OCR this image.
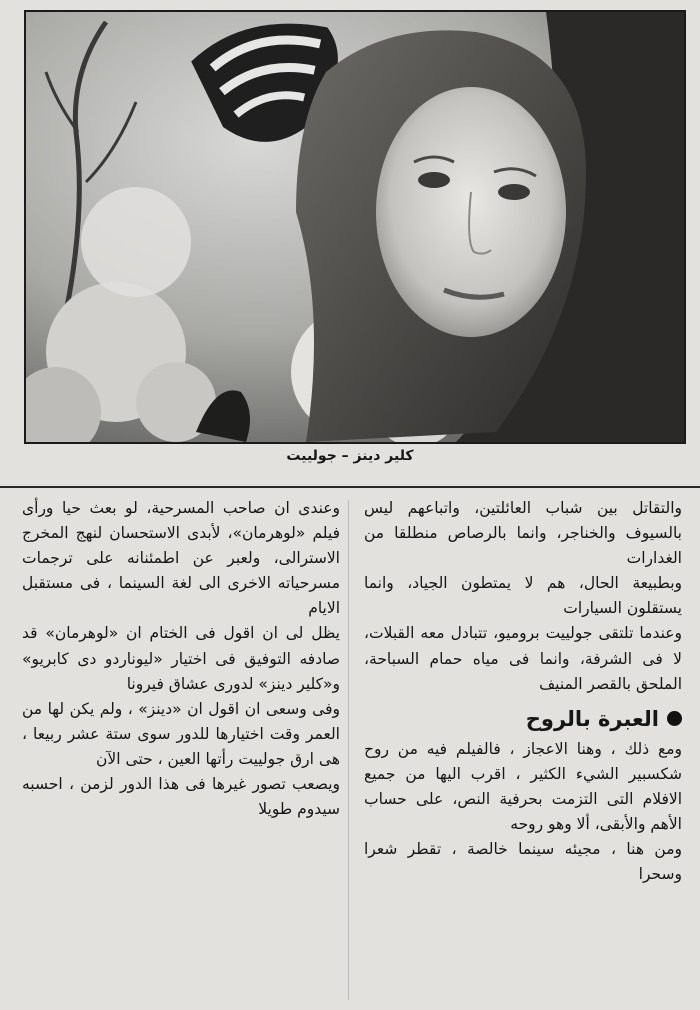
كلير دينز – جولييت

والتقاتل بين شباب العائلتين، واتباعهم ليس بالسيوف والخناجر، وانما بالرصاص منطلقا من الغدارات

وبطبيعة الحال، هم لا يمتطون الجياد، وانما يستقلون السيارات

وعندما تلتقى جولييت بروميو، تتبادل معه القبلات، لا فى الشرفة، وانما فى مياه حمام السباحة، الملحق بالقصر المنيف

العبرة بالروح

ومع ذلك ، وهنا الاعجاز ، فالفيلم فيه من روح شكسبير الشيء الكثير ، اقرب اليها من جميع الافلام التى التزمت بحرفية النص، على حساب الأهم والأبقى، ألا وهو روحه

ومن هنا ، مجيئه سينما خالصة ، تقطر شعرا وسحرا

وعندى ان صاحب المسرحية، لو بعث حيا ورأى فيلم «لوهرمان»، لأبدى الاستحسان لنهج المخرج الاسترالى، ولعبر عن اطمئنانه على ترجمات مسرحياته الاخرى الى لغة السينما ، فى مستقبل الايام

يظل لى ان اقول فى الختام ان «لوهرمان» قد صادفه التوفيق فى اختيار «ليوناردو دى كابريو» و«كلير دينز» لدورى عشاق فيرونا

وفى وسعى ان اقول ان «دينز» ، ولم يكن لها من العمر وقت اختيارها للدور سوى ستة عشر ربيعا ، هى ارق جولييت رأتها العين ، حتى الآن

ويصعب تصور غيرها فى هذا الدور لزمن ، احسبه سيدوم طويلا
